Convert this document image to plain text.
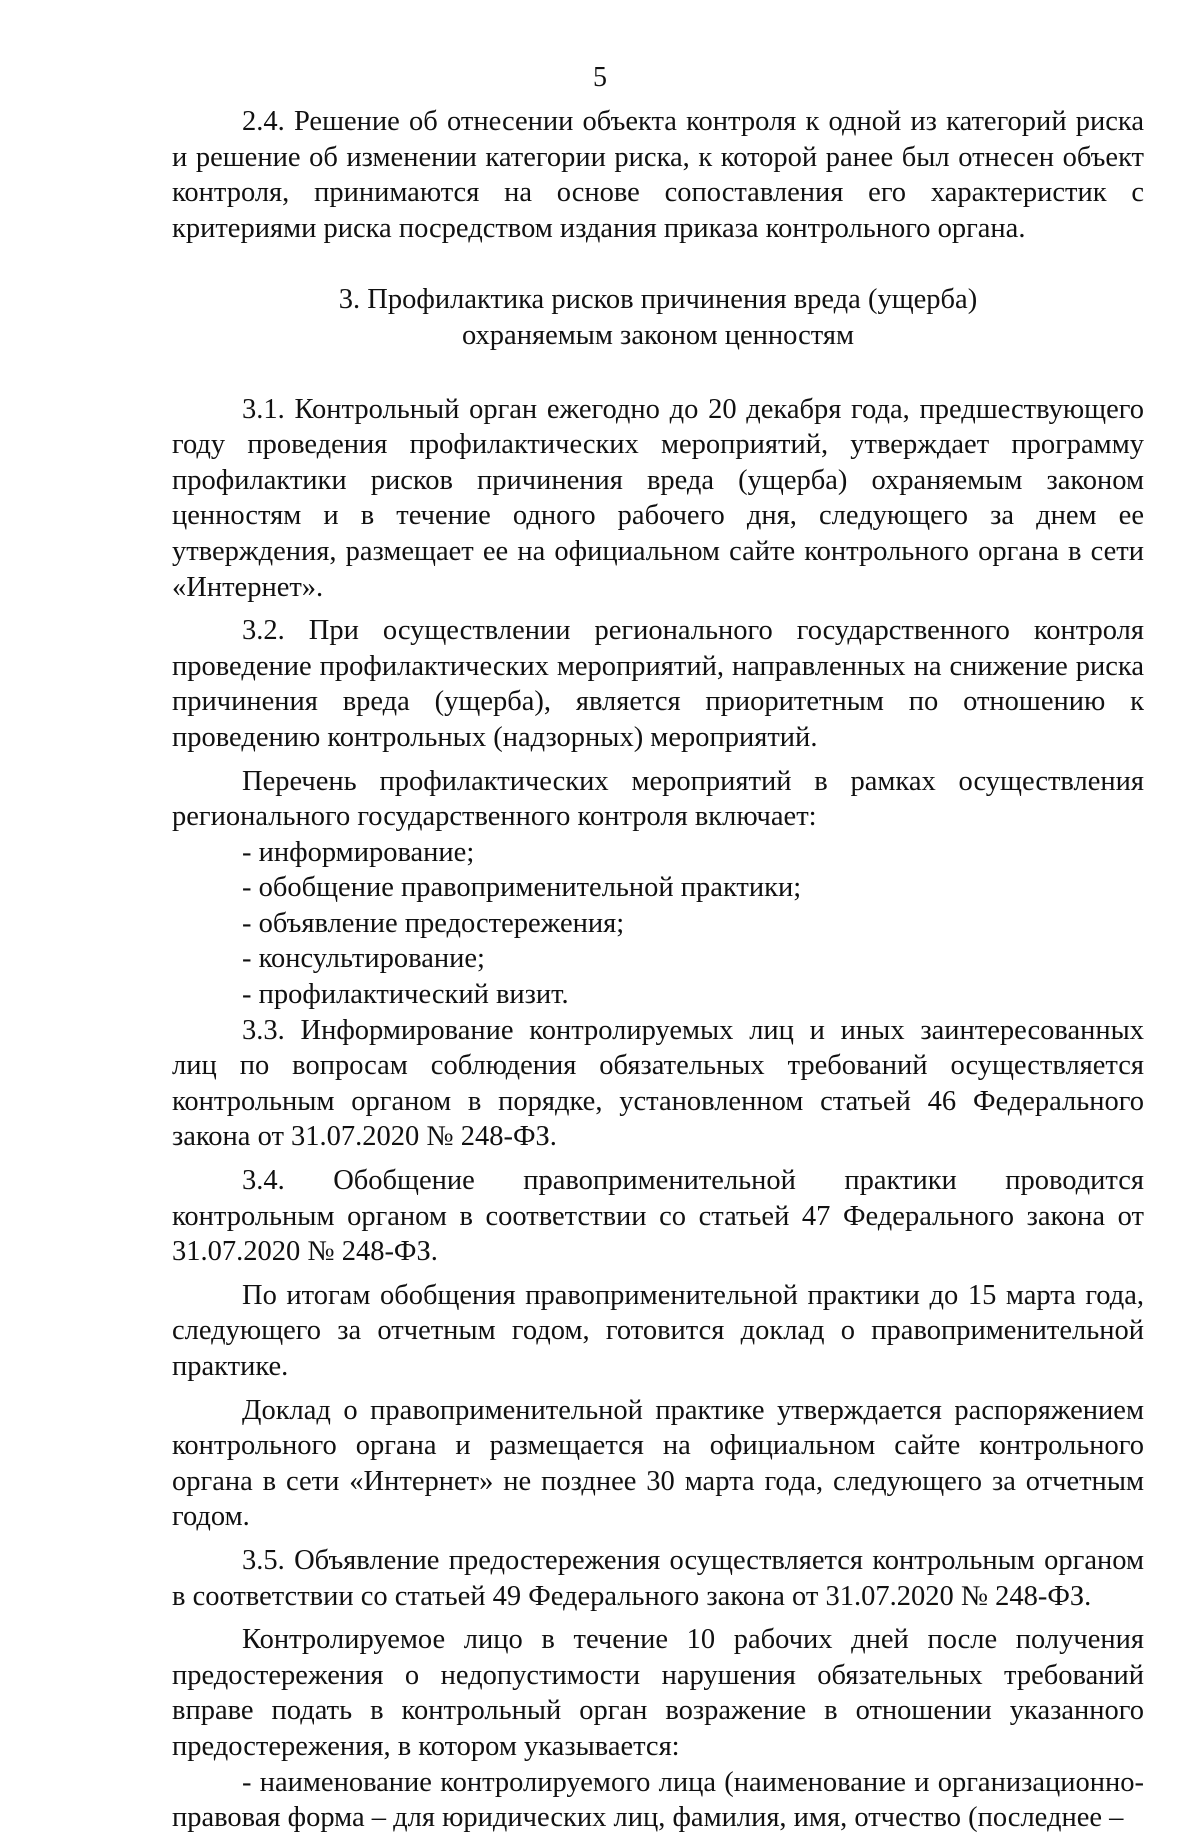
5

2.4. Решение об отнесении объекта контроля к одной из категорий риска и решение об изменении категории риска, к которой ранее был отнесен объект контроля, принимаются на основе сопоставления его характеристик с критериями риска посредством издания приказа контрольного органа.

3. Профилактика рисков причинения вреда (ущерба)
охраняемым законом ценностям

3.1. Контрольный орган ежегодно до 20 декабря года, предшествующего году проведения профилактических мероприятий, утверждает программу профилактики рисков причинения вреда (ущерба) охраняемым законом ценностям и в течение одного рабочего дня, следующего за днем ее утверждения, размещает ее на официальном сайте контрольного органа в сети «Интернет».

3.2. При осуществлении регионального государственного контроля проведение профилактических мероприятий, направленных на снижение риска причинения вреда (ущерба), является приоритетным по отношению к проведению контрольных (надзорных) мероприятий.

Перечень профилактических мероприятий в рамках осуществления регионального государственного контроля включает:

- информирование;

- обобщение правоприменительной практики;

- объявление предостережения;

- консультирование;

- профилактический визит.

3.3. Информирование контролируемых лиц и иных заинтересованных лиц по вопросам соблюдения обязательных требований осуществляется контрольным органом в порядке, установленном статьей 46 Федерального закона от 31.07.2020 № 248-ФЗ.

3.4. Обобщение правоприменительной практики проводится контрольным органом в соответствии со статьей 47 Федерального закона от 31.07.2020 № 248-ФЗ.

По итогам обобщения правоприменительной практики до 15 марта года, следующего за отчетным годом, готовится доклад о правоприменительной практике.

Доклад о правоприменительной практике утверждается распоряжением контрольного органа и размещается на официальном сайте контрольного органа в сети «Интернет» не позднее 30 марта года, следующего за отчетным годом.

3.5. Объявление предостережения осуществляется контрольным органом в соответствии со статьей 49 Федерального закона от 31.07.2020 № 248-ФЗ.

Контролируемое лицо в течение 10 рабочих дней после получения предостережения о недопустимости нарушения обязательных требований вправе подать в контрольный орган возражение в отношении указанного предостережения, в котором указывается:

- наименование контролируемого лица (наименование и организационно-правовая форма – для юридических лиц, фамилия, имя, отчество (последнее –
